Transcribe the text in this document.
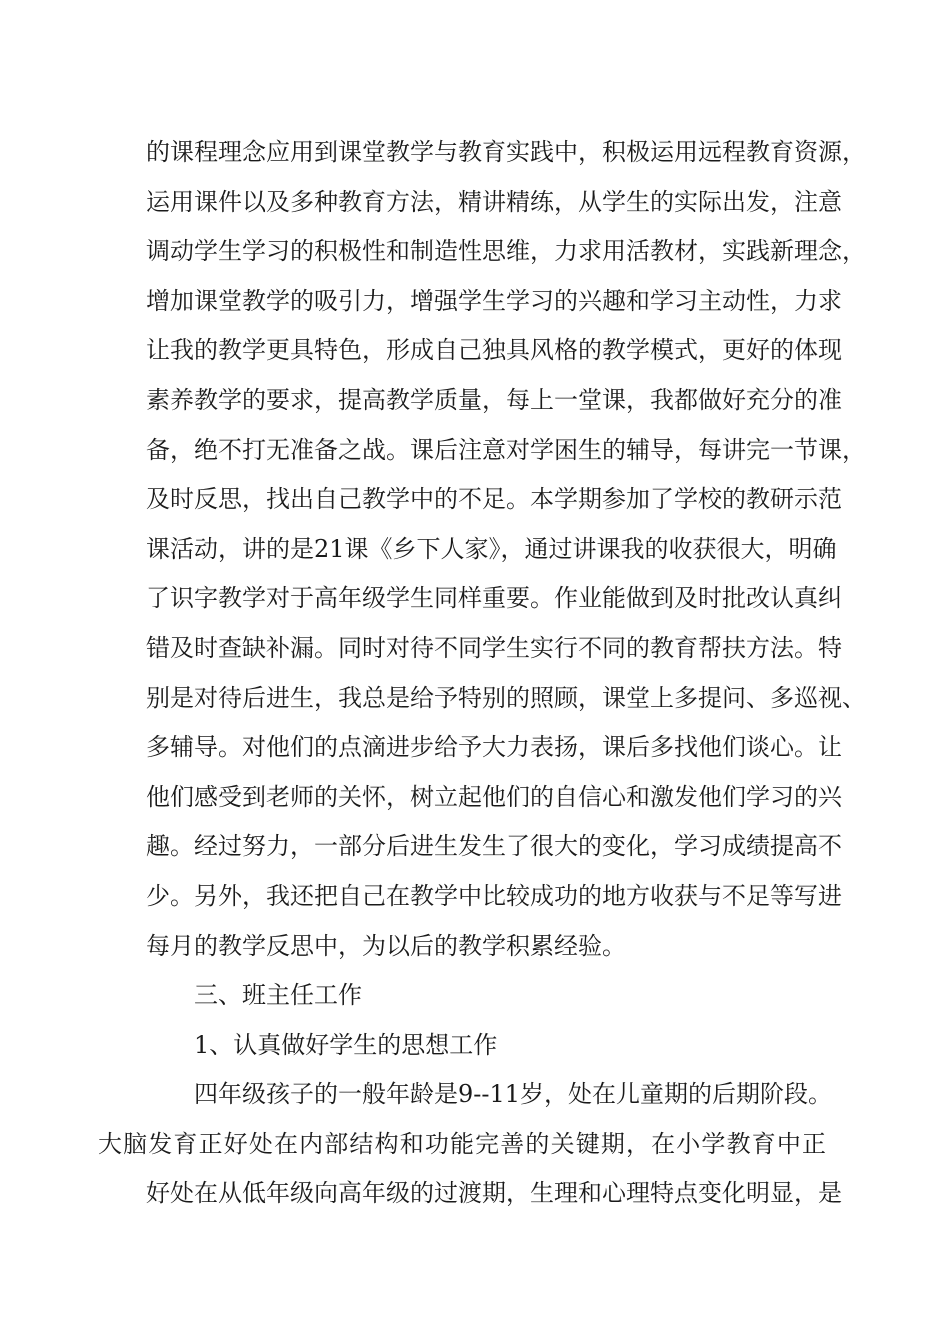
的课程理念应用到课堂教学与教育实践中，积极运用远程教育资源，
运用课件以及多种教育方法，精讲精练，从学生的实际出发，注意
调动学生学习的积极性和制造性思维，力求用活教材，实践新理念，
增加课堂教学的吸引力，增强学生学习的兴趣和学习主动性，力求
让我的教学更具特色，形成自己独具风格的教学模式，更好的体现
素养教学的要求，提高教学质量，每上一堂课，我都做好充分的准
备，绝不打无准备之战。课后注意对学困生的辅导，每讲完一节课，
及时反思，找出自己教学中的不足。本学期参加了学校的教研示范
课活动，讲的是21课《乡下人家》，通过讲课我的收获很大，明确
了识字教学对于高年级学生同样重要。作业能做到及时批改认真纠
错及时查缺补漏。同时对待不同学生实行不同的教育帮扶方法。特
别是对待后进生，我总是给予特别的照顾，课堂上多提问、多巡视、
多辅导。对他们的点滴进步给予大力表扬，课后多找他们谈心。让
他们感受到老师的关怀，树立起他们的自信心和激发他们学习的兴
趣。经过努力，一部分后进生发生了很大的变化，学习成绩提高不
少。另外，我还把自己在教学中比较成功的地方收获与不足等写进
每月的教学反思中，为以后的教学积累经验。
三、班主任工作
1、认真做好学生的思想工作
四年级孩子的一般年龄是9--11岁，处在儿童期的后期阶段。
大脑发育正好处在内部结构和功能完善的关键期，在小学教育中正
好处在从低年级向高年级的过渡期，生理和心理特点变化明显，是
